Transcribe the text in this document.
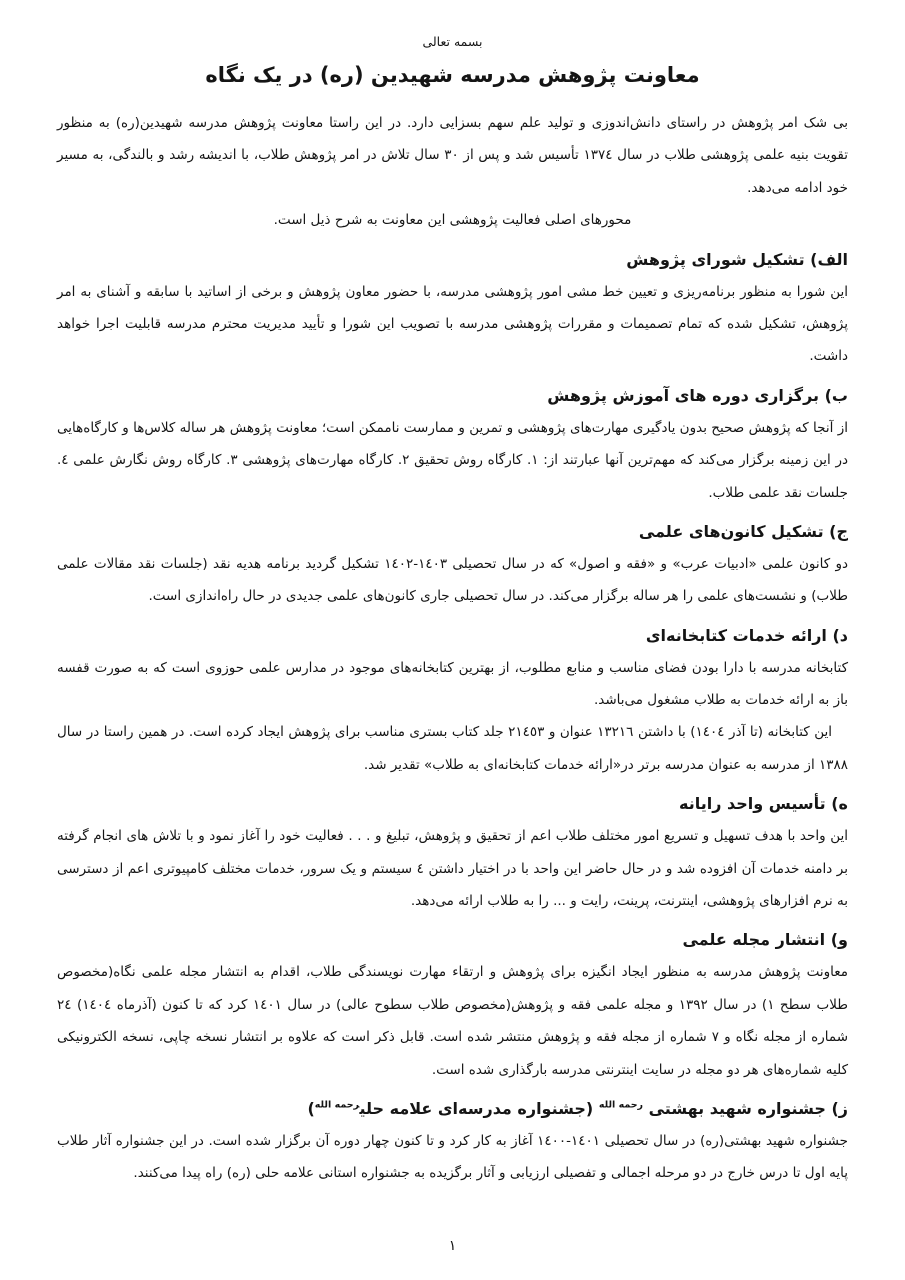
بسمه تعالی

معاونت پژوهش مدرسه شهیدین (ره) در یک نگاه

بی شک امر پژوهش در راستای دانش‌اندوزی و تولید علم سهم بسزایی دارد. در این راستا معاونت پژوهش مدرسه شهیدین(ره) به منظور تقویت بنیه علمی پژوهشی طلاب در سال ١٣٧٤ تأسیس شد و پس از ٣٠ سال تلاش در امر پژوهش طلاب، با اندیشه رشد و بالندگی، به مسیر خود ادامه می‌دهد.

محورهای اصلی فعالیت پژوهشی این معاونت به شرح ذیل است.

الف) تشکیل شورای پژوهش

این شورا به منظور برنامه‌ریزی و تعیین خط مشی امور پژوهشی مدرسه، با حضور معاون پژوهش و برخی از اساتید با سابقه و آشنای به امر پژوهش، تشکیل شده که تمام تصمیمات و مقررات پژوهشی مدرسه با تصویب این شورا و تأیید مدیریت محترم مدرسه قابلیت اجرا خواهد داشت.

ب) برگزاری دوره های آموزش پژوهش

از آنجا که پژوهش صحیح بدون یادگیری مهارت‌های پژوهشی و تمرین و ممارست ناممکن است؛ معاونت پژوهش هر ساله کلاس‌ها و کارگاه‌هایی در این زمینه برگزار می‌کند که مهم‌ترین آنها عبارتند از: ١. کارگاه روش تحقیق ٢. کارگاه مهارت‌های پژوهشی ٣. کارگاه روش نگارش علمی ٤. جلسات نقد علمی طلاب.

ج) تشکیل کانون‌های علمی

دو کانون علمی «ادبیات عرب» و «فقه و اصول» که در سال تحصیلی ١٤٠٣-١٤٠٢ تشکیل گردید برنامه هدیه نقد (جلسات نقد مقالات علمی طلاب) و نشست‌های علمی را هر ساله برگزار می‌کند. در سال تحصیلی جاری کانون‌های علمی جدیدی در حال راه‌اندازی است.

د) ارائه خدمات کتابخانه‌ای

کتابخانه مدرسه با دارا بودن فضای مناسب و منابع مطلوب، از بهترین کتابخانه‌های موجود در مدارس علمی حوزوی است که به صورت قفسه باز به ارائه خدمات به طلاب مشغول می‌باشد.

این کتابخانه (تا آذر ١٤٠٤) با داشتن ١٣٢١٦ عنوان و ٢١٤٥٣ جلد کتاب بستری مناسب برای پژوهش ایجاد کرده است. در همین راستا در سال ١٣٨٨ از مدرسه به عنوان مدرسه برتر در«ارائه خدمات کتابخانه‌ای به طلاب» تقدیر شد.

ه) تأسیس واحد رایانه

این واحد با هدف تسهیل و تسریع امور مختلف طلاب اعم از تحقیق و پژوهش، تبلیغ و . . . فعالیت خود را آغاز نمود و با تلاش های انجام گرفته بر دامنه خدمات آن افزوده شد و در حال حاضر این واحد با در اختیار داشتن ٤ سیستم و یک سرور، خدمات مختلف کامپیوتری اعم از دسترسی به نرم افزارهای پژوهشی، اینترنت، پرینت، رایت و ... را به طلاب ارائه می‌دهد.

و) انتشار مجله علمی

معاونت پژوهش مدرسه به منظور ایجاد انگیزه برای پژوهش و ارتقاء مهارت نویسندگی طلاب، اقدام به انتشار مجله علمی نگاه(مخصوص طلاب سطح ١) در سال ١٣٩٢ و مجله علمی فقه و پژوهش(مخصوص طلاب سطوح عالی) در سال ١٤٠١ کرد که تا کنون (آذرماه ١٤٠٤) ٢٤ شماره از مجله نگاه و ٧ شماره از مجله فقه و پژوهش منتشر شده است. قابل ذکر است که علاوه بر انتشار نسخه چاپی، نسخه الکترونیکی کلیه شماره‌های هر دو مجله در سایت اینترنتی مدرسه بارگذاری شده است.

ز) جشنواره شهید بهشتی $^{رحمه الله}$ (جشنواره مدرسه‌ای علامه حلی$^{رحمه الله}$)

جشنواره شهید بهشتی(ره) در سال تحصیلی ١٤٠١-١٤٠٠ آغاز به کار کرد و تا کنون چهار دوره آن برگزار شده است. در این جشنواره آثار طلاب پایه اول تا درس خارج در دو مرحله اجمالی و تفصیلی ارزیابی و آثار برگزیده به جشنواره استانی علامه حلی (ره) راه پیدا می‌کنند.

١
